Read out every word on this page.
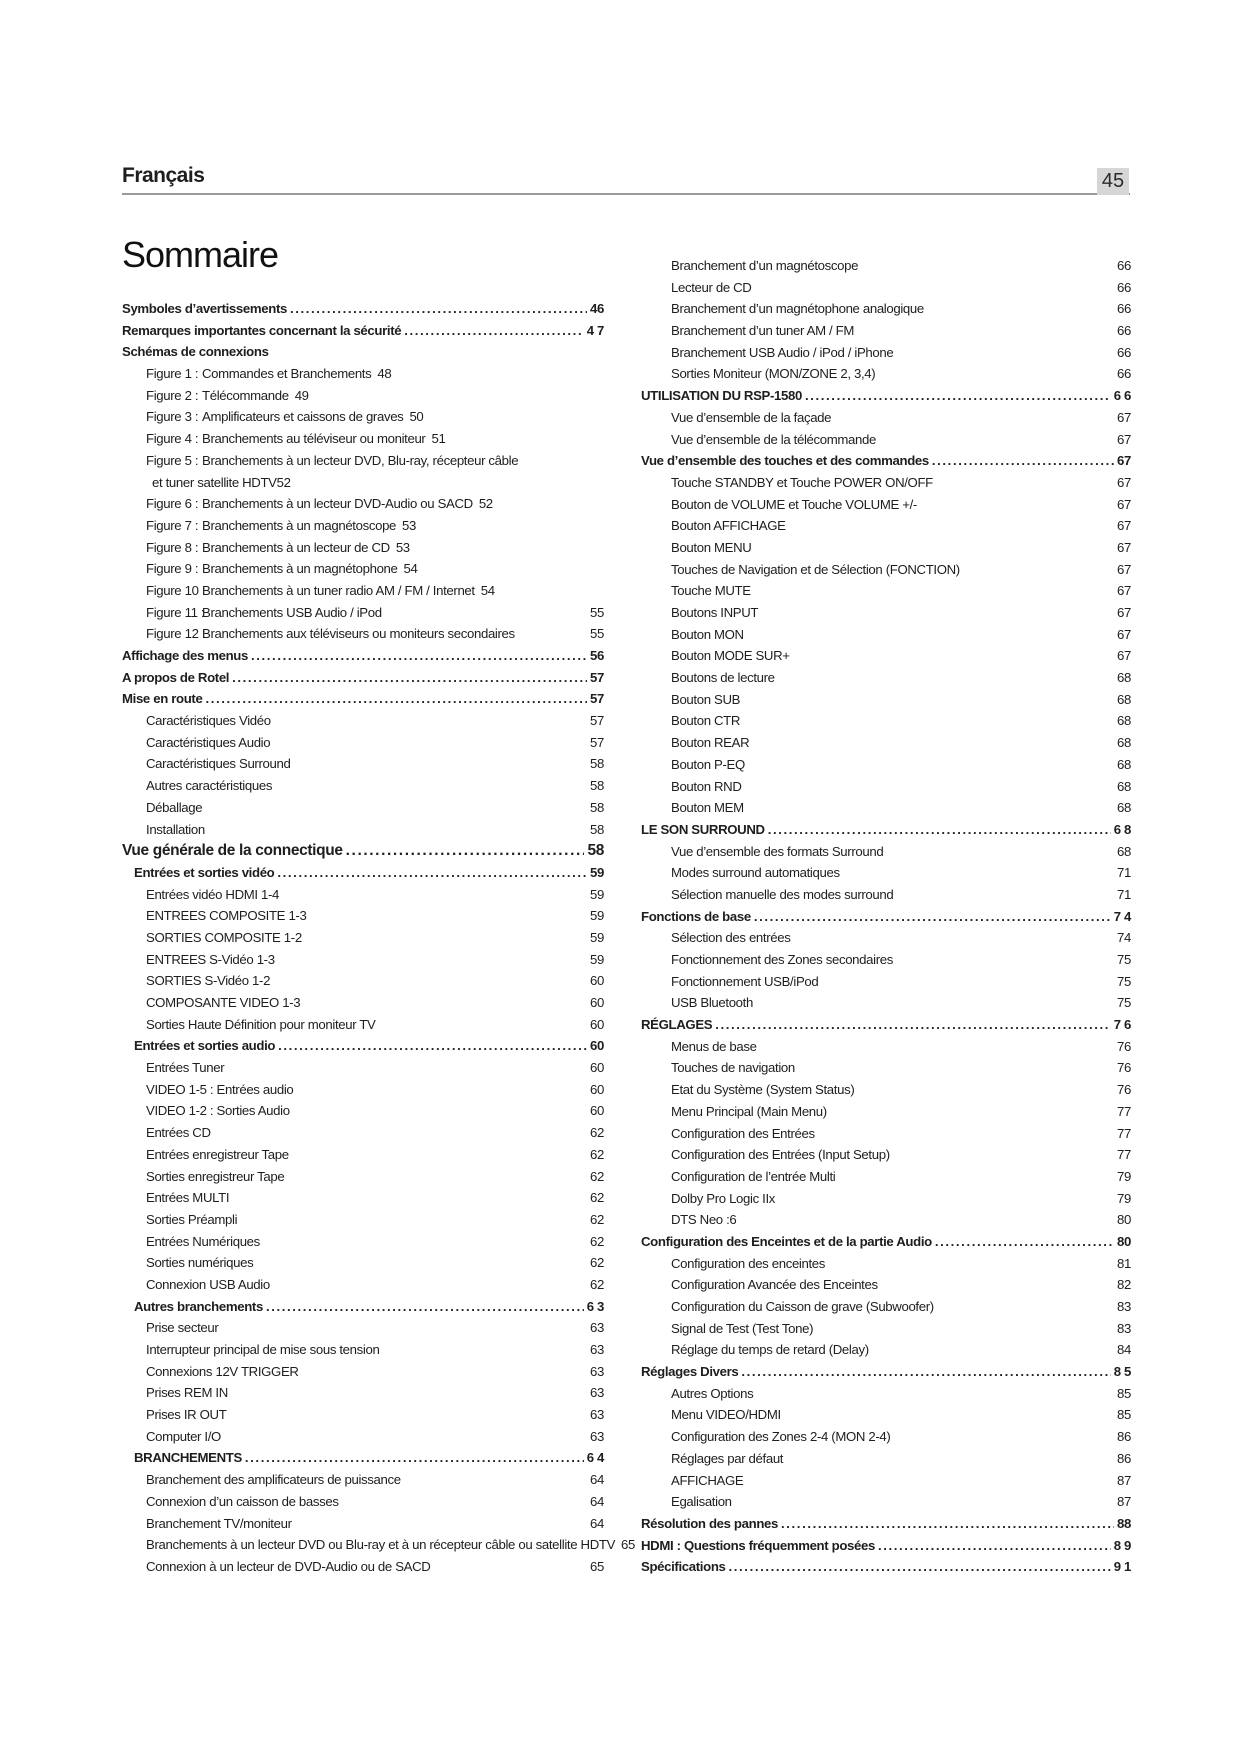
Français	45
Sommaire
Symboles d’avertissements .....	46
Remarques importantes concernant la sécurité .....	4 7
Schémas de connexions
Figure 1 : Commandes et Branchements 48
Figure 2 : Télécommande 49
Figure 3 : Amplificateurs et caissons de graves 50
Figure 4 : Branchements au téléviseur ou moniteur 51
Figure 5 : Branchements à un lecteur DVD, Blu-ray, récepteur câble
et tuner satellite HDTV52
Figure 6 : Branchements à un lecteur DVD-Audio ou SACD 52
Figure 7 : Branchements à un magnétoscope 53
Figure 8 : Branchements à un lecteur de CD 53
Figure 9 : Branchements à un magnétophone 54
Figure 10 :Branchements à un tuner radio AM / FM / Internet 54
Figure 11 :Branchements USB Audio / iPod	55
Figure 12 :Branchements aux téléviseurs ou moniteurs secondaires	55
Affichage des menus .....	56
A propos de Rotel .....	57
Mise en route .....	57
Caractéristiques Vidéo	57
Caractéristiques Audio	57
Caractéristiques Surround	58
Autres caractéristiques	58
Déballage	58
Installation	58
Vue générale de la connectique .....	58
Entrées et sorties vidéo .....	59
Entrées vidéo HDMI 1-4	59
ENTREES COMPOSITE 1-3	59
SORTIES COMPOSITE 1-2	59
ENTREES S-Vidéo 1-3	59
SORTIES S-Vidéo 1-2	60
COMPOSANTE VIDEO 1-3	60
Sorties Haute Définition pour moniteur TV	60
Entrées et sorties audio .....	60
Entrées Tuner	60
VIDEO 1-5 : Entrées audio	60
VIDEO 1-2 : Sorties Audio	60
Entrées CD	62
Entrées enregistreur Tape	62
Sorties enregistreur Tape	62
Entrées MULTI	62
Sorties Préampli	62
Entrées Numériques	62
Sorties numériques	62
Connexion USB Audio	62
Autres branchements .....	6 3
Prise secteur	63
Interrupteur principal de mise sous tension	63
Connexions 12V TRIGGER	63
Prises REM IN	63
Prises IR OUT	63
Computer I/O	63
BRANCHEMENTS .....	6 4
Branchement des amplificateurs de puissance	64
Connexion d’un caisson de basses	64
Branchement TV/moniteur	64
Branchements à un lecteur DVD ou Blu-ray et à un récepteur câble ou satellite HDTV 65
Connexion à un lecteur de DVD-Audio ou de SACD	65
Branchement d’un magnétoscope	66
Lecteur de CD	66
Branchement d’un magnétophone analogique	66
Branchement d’un tuner AM / FM	66
Branchement USB Audio / iPod / iPhone	66
Sorties Moniteur (MON/ZONE 2, 3,4)	66
UTILISATION DU RSP-1580 .....	6 6
Vue d’ensemble de la façade	67
Vue d’ensemble de la télécommande	67
Vue d’ensemble des touches et des commandes .....	67
Touche STANDBY et Touche POWER ON/OFF	67
Bouton de VOLUME et Touche VOLUME +/-	67
Bouton AFFICHAGE	67
Bouton MENU	67
Touches de Navigation et de Sélection (FONCTION)	67
Touche MUTE	67
Boutons INPUT	67
Bouton MON	67
Bouton MODE SUR+	67
Boutons de lecture	68
Bouton SUB	68
Bouton CTR	68
Bouton REAR	68
Bouton P-EQ	68
Bouton RND	68
Bouton MEM	68
LE SON SURROUND .....	6 8
Vue d’ensemble des formats Surround	68
Modes surround automatiques	71
Sélection manuelle des modes surround	71
Fonctions de base .....	7 4
Sélection des entrées	74
Fonctionnement des Zones secondaires	75
Fonctionnement USB/iPod	75
USB Bluetooth	75
RÉGLAGES .....	7 6
Menus de base	76
Touches de navigation	76
Etat du Système (System Status)	76
Menu Principal (Main Menu)	77
Configuration des Entrées	77
Configuration des Entrées (Input Setup)	77
Configuration de l’entrée Multi	79
Dolby Pro Logic IIx	79
DTS Neo :6	80
Configuration des Enceintes et de la partie Audio .....	80
Configuration des enceintes	81
Configuration Avancée des Enceintes	82
Configuration du Caisson de grave (Subwoofer)	83
Signal de Test (Test Tone)	83
Réglage du temps de retard (Delay)	84
Réglages Divers .....	8 5
Autres Options	85
Menu VIDEO/HDMI	85
Configuration des Zones 2-4 (MON 2-4)	86
Réglages par défaut	86
AFFICHAGE	87
Egalisation	87
Résolution des pannes .....	88
HDMI : Questions fréquemment posées .....	8 9
Spécifications .....	9 1
